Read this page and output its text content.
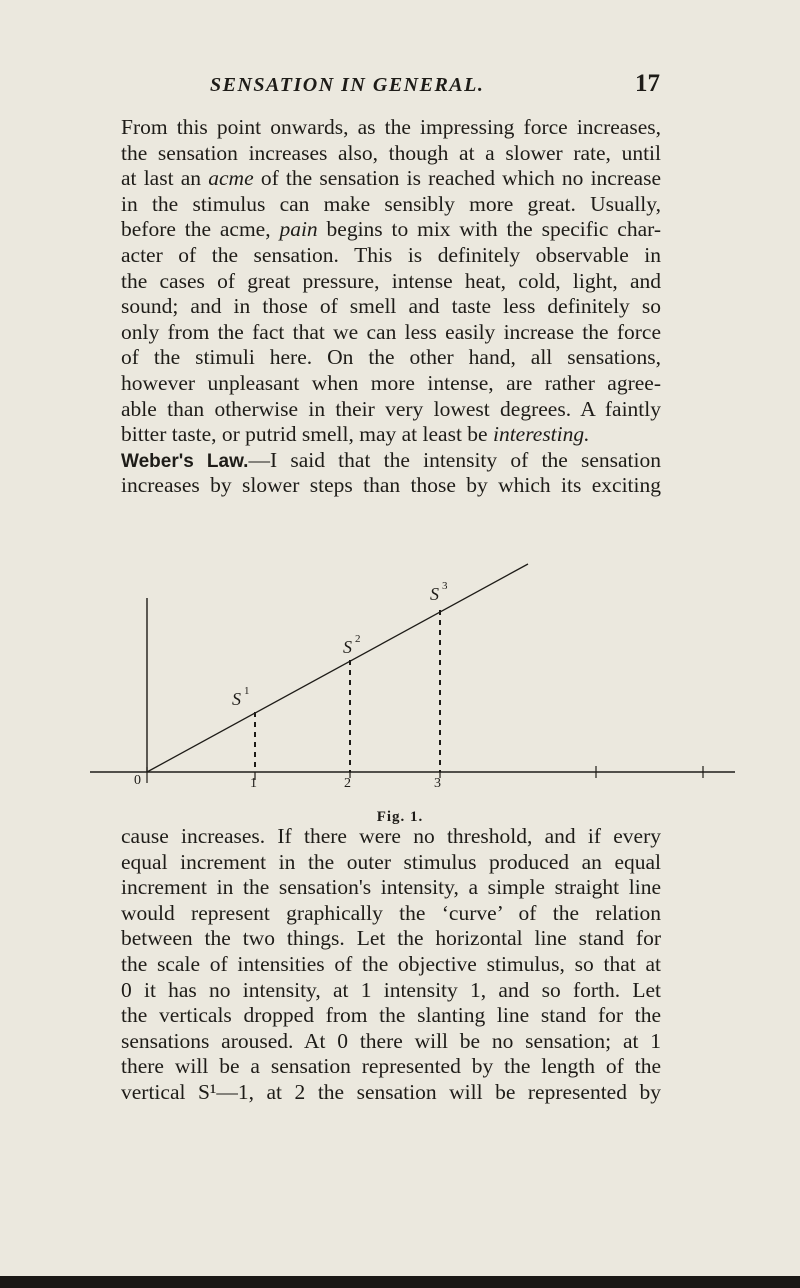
SENSATION IN GENERAL.	17
From this point onwards, as the impressing force increases,
the sensation increases also, though at a slower rate, until
at last an acme of the sensation is reached which no increase
in the stimulus can make sensibly more great. Usually,
before the acme, pain begins to mix with the specific char-
acter of the sensation. This is definitely observable in
the cases of great pressure, intense heat, cold, light, and
sound; and in those of smell and taste less definitely so
only from the fact that we can less easily increase the force
of the stimuli here. On the other hand, all sensations,
however unpleasant when more intense, are rather agree-
able than otherwise in their very lowest degrees. A faintly
bitter taste, or putrid smell, may at least be interesting.
Weber's Law.—I said that the intensity of the sensation
increases by slower steps than those by which its exciting
S 1
S 2
S 3
0	1	2	3
Fig. 1.
cause increases. If there were no threshold, and if every
equal increment in the outer stimulus produced an equal
increment in the sensation's intensity, a simple straight line
would represent graphically the ‘curve’ of the relation
between the two things. Let the horizontal line stand for
the scale of intensities of the objective stimulus, so that at
0 it has no intensity, at 1 intensity 1, and so forth. Let
the verticals dropped from the slanting line stand for the
sensations aroused. At 0 there will be no sensation; at 1
there will be a sensation represented by the length of the
vertical S¹—1, at 2 the sensation will be represented by
